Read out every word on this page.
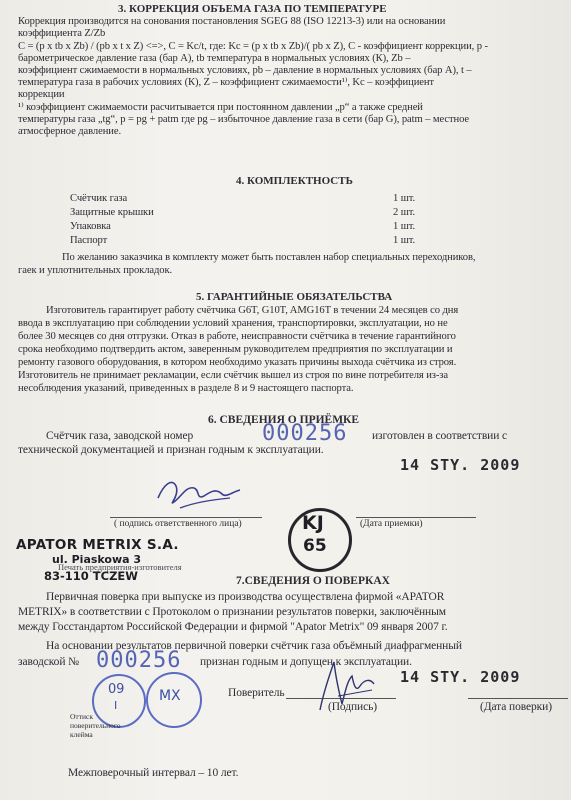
3. КОРРЕКЦИЯ ОБЪЕМА ГАЗА ПО ТЕМПЕРАТУРЕ
Коррекция производится на сонования постановления SGEG 88 (ISO 12213-3) или на основании
коэффициента Z/Zb
C = (p x tb x Zb) / (pb x t x Z) <=>, C = Kc/t, где: Kc = (p x tb x Zb)/( pb x Z), C - коэффициент коррекции, p -
барометрическое давление газа (бар А), tb температура в нормальных условиях (К), Zb –
коэффициент сжимаемости в нормальных условиях, pb – давление в нормальных условиях (бар А), t –
температура газа в рабочих условиях (К), Z – коэффициент сжимаемости¹⁾, Kc – коэффициент
коррекции
¹⁾ коэффициент сжимаемости расчитывается при постоянном давлении „p“ а также средней
температуры газа „tg“, p = pg + patm где pg – избыточное давление газа в сети (бар G), patm – местное
атмосферное давление.
4. КОМПЛЕКТНОСТЬ
Счётчик газа	1 шт.
Защитные крышки	2 шт.
Упаковка	1 шт.
Паспорт	1 шт.
По желанию заказчика в комплекту может быть поставлен набор специальных переходников,
гаек и уплотнительных прокладок.
5. ГАРАНТИЙНЫЕ ОБЯЗАТЕЛЬСТВА
Изготовитель гарантирует работу счётчика G6T, G10T, AMG16T в течении 24 месяцев со дня
ввода в эксплуатацию при соблюдении условий хранения, транспортировки, эксплуатации, но не
более 30 месяцев со дня отгрузки. Отказ в работе, неисправности счётчика в течение гарантийного
срока необходимо подтвердить актом, заверенным руководителем предприятия по эксплуатации и
ремонту газового оборудования, в котором необходимо указать причины выхода счётчика из строя.
Изготовитель не принимает рекламации, если счётчик вышел из строя по вине потребителя из-за
несоблюдения указаний, приведенных в разделе 8 и 9 настоящего паспорта.
6. СВЕДЕНИЯ О ПРИЁМКЕ
Счётчик газа, заводской номер	000256 изготовлен в соответствии с
технической документацией и признан годным к эксплуатации.
14 STY. 2009
( подпись ответственного лица)	(Дата приемки)
KJ
65
APATOR METRIX S.A.
ul. Piaskowa 3
Печать предприятия-изготовителя
83-110 TCZEW	7.СВЕДЕНИЯ О ПОВЕРКАХ
Первичная поверка при выпуске из производства осуществлена фирмой «APATOR
METRIX» в соответствии с Протоколом о признании результатов поверки, заключённым
между Госстандартом Российской Федерации и фирмой "Apator Metrix" 09 января 2007 г.
На основании результатов первичной поверки счётчик газа объёмный диафрагменный
заводской № 000256 признан годным и допущен к эксплуатации.
14 STY. 2009
09
I
MX
Оттиск поверительного клейма
Поверитель
(Подпись)	(Дата поверки)
Межповерочный интервал – 10 лет.
